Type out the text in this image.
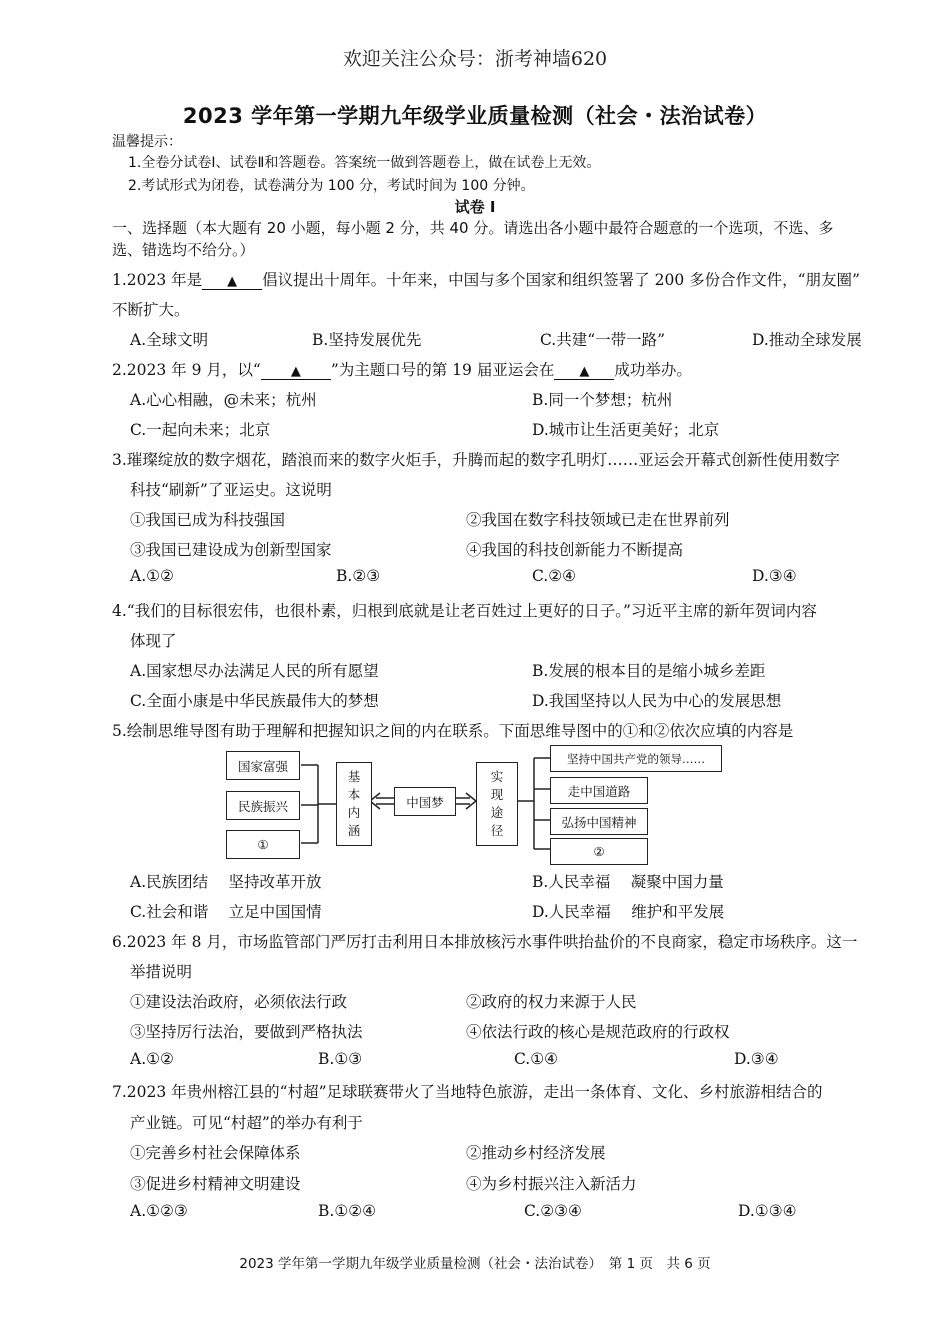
欢迎关注公众号：浙考神墙620
2023 学年第一学期九年级学业质量检测（社会・法治试卷）
温馨提示：
1.全卷分试卷Ⅰ、试卷Ⅱ和答题卷。答案统一做到答题卷上，做在试卷上无效。
2.考试形式为闭卷，试卷满分为 100 分，考试时间为 100 分钟。
试卷 Ⅰ
一、选择题（本大题有 20 小题，每小题 2 分，共 40 分。请选出各小题中最符合题意的一个选项，不选、多
选、错选均不给分。）
1.2023 年是 ▲ 倡议提出十周年。十年来，中国与多个国家和组织签署了 200 多份合作文件，“朋友圈”
不断扩大。
A.全球文明	B.坚持发展优先	C.共建“一带一路”	D.推动全球发展
2.2023 年 9 月，以“ ▲ ”为主题口号的第 19 届亚运会在 ▲ 成功举办。
A.心心相融，@未来；杭州	B.同一个梦想；杭州
C.一起向未来；北京	D.城市让生活更美好；北京
3.璀璨绽放的数字烟花，踏浪而来的数字火炬手，升腾而起的数字孔明灯……亚运会开幕式创新性使用数字
科技“刷新”了亚运史。这说明
①我国已成为科技强国	②我国在数字科技领域已走在世界前列
③我国已建设成为创新型国家	④我国的科技创新能力不断提高
A.①②	B.②③	C.②④	D.③④
4.“我们的目标很宏伟，也很朴素，归根到底就是让老百姓过上更好的日子。”习近平主席的新年贺词内容
体现了
A.国家想尽办法满足人民的所有愿望	B.发展的根本目的是缩小城乡差距
C.全面小康是中华民族最伟大的梦想	D.我国坚持以人民为中心的发展思想
5.绘制思维导图有助于理解和把握知识之间的内在联系。下面思维导图中的①和②依次应填的内容是
国家富强
民族振兴
①
基
本
内
涵
中国梦
实
现
途
径
坚持中国共产党的领导……
走中国道路
弘扬中国精神
②
A.民族团结　 坚持改革开放	B.人民幸福　 凝聚中国力量
C.社会和谐　 立足中国国情	D.人民幸福　 维护和平发展
6.2023 年 8 月，市场监管部门严厉打击利用日本排放核污水事件哄抬盐价的不良商家，稳定市场秩序。这一
举措说明
①建设法治政府，必须依法行政	②政府的权力来源于人民
③坚持厉行法治，要做到严格执法	④依法行政的核心是规范政府的行政权
A.①②	B.①③	C.①④	D.③④
7.2023 年贵州榕江县的“村超”足球联赛带火了当地特色旅游，走出一条体育、文化、乡村旅游相结合的
产业链。可见“村超”的举办有利于
①完善乡村社会保障体系	②推动乡村经济发展
③促进乡村精神文明建设	④为乡村振兴注入新活力
A.①②③	B.①②④	C.②③④	D.①③④
2023 学年第一学期九年级学业质量检测（社会・法治试卷）　第 1 页　共 6 页
